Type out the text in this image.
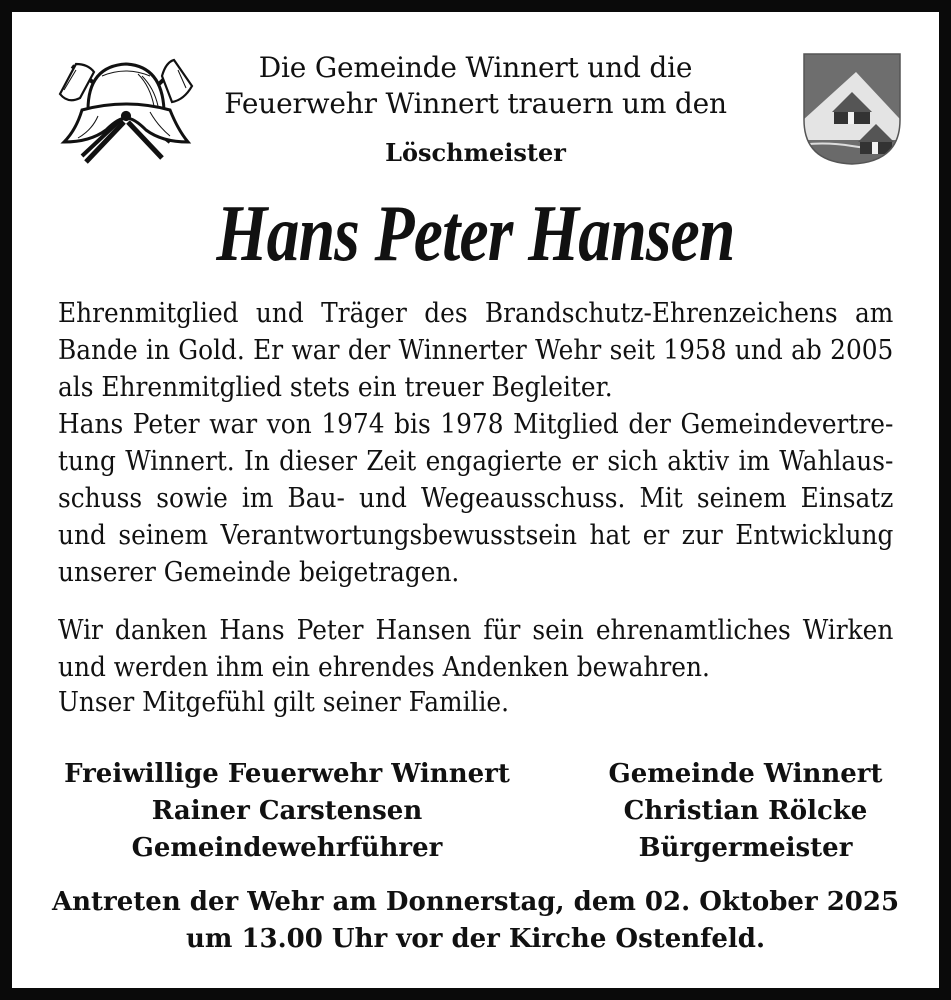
Die Gemeinde Winnert und die
Feuerwehr Winnert trauern um den
Löschmeister
Hans Peter Hansen
Ehrenmitglied und Träger des Brandschutz-Ehrenzeichens am
Bande in Gold. Er war der Winnerter Wehr seit 1958 und ab 2005
als Ehrenmitglied stets ein treuer Begleiter.
Hans Peter war von 1974 bis 1978 Mitglied der Gemeindevertre-
tung Winnert. In dieser Zeit engagierte er sich aktiv im Wahlaus-
schuss sowie im Bau- und Wegeausschuss. Mit seinem Einsatz
und seinem Verantwortungsbewusstsein hat er zur Entwicklung
unserer Gemeinde beigetragen.
Wir danken Hans Peter Hansen für sein ehrenamtliches Wirken
und werden ihm ein ehrendes Andenken bewahren.
Unser Mitgefühl gilt seiner Familie.
Freiwillige Feuerwehr Winnert
Rainer Carstensen
Gemeindewehrführer
Gemeinde Winnert
Christian Rölcke
Bürgermeister
Antreten der Wehr am Donnerstag, dem 02. Oktober 2025
um 13.00 Uhr vor der Kirche Ostenfeld.
